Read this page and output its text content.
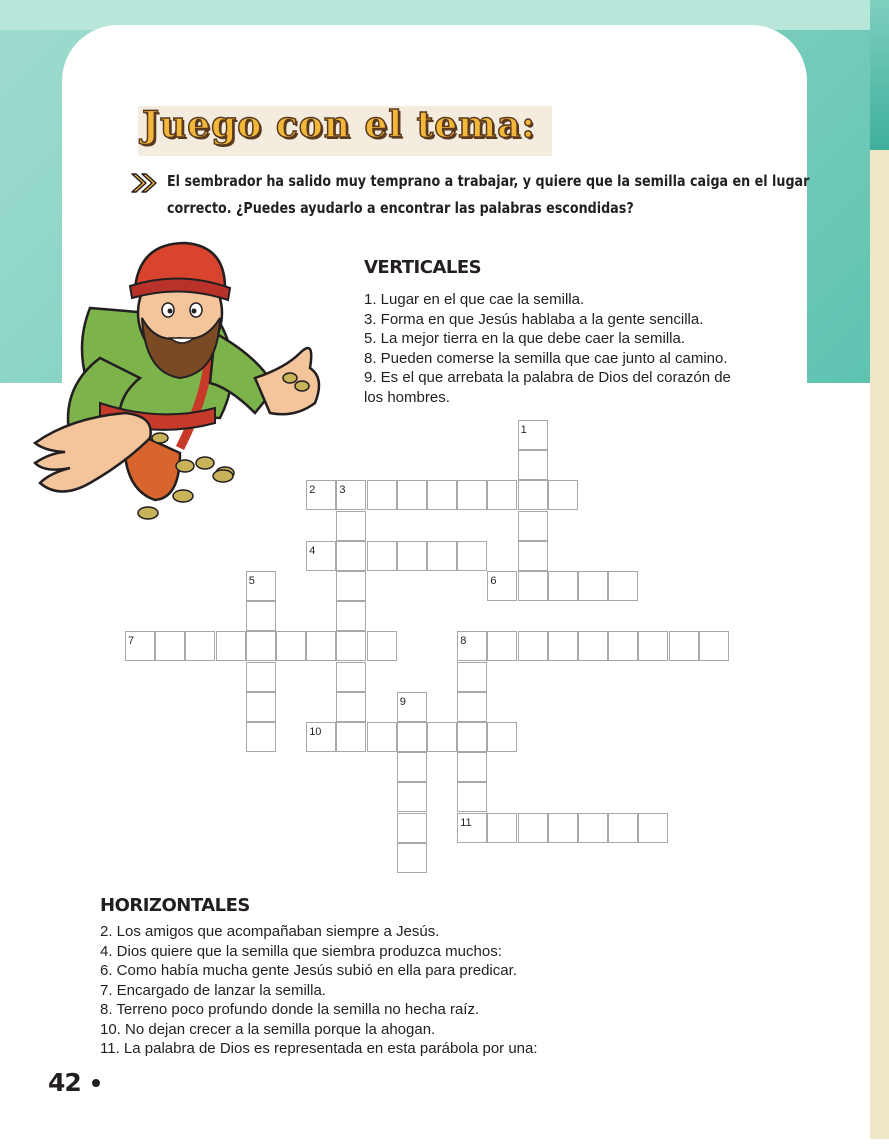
Juego con el tema:
El sembrador ha salido muy temprano a trabajar, y quiere que la semilla caiga en el lugar
correcto. ¿Puedes ayudarlo a encontrar las palabras escondidas?
VERTICALES
1. Lugar en el que cae la semilla.
3. Forma en que Jesús hablaba a la gente sencilla.
5. La mejor tierra en la que debe caer la semilla.
8. Pueden comerse la semilla que cae junto al camino.
9. Es el que arrebata la palabra de Dios del corazón de
los hombres.
1
2 3
4
5	6
7	8
9
10
11
HORIZONTALES
2. Los amigos que acompañaban siempre a Jesús.
4. Dios quiere que la semilla que siembra produzca muchos:
6. Como había mucha gente Jesús subió en ella para predicar.
7. Encargado de lanzar la semilla.
8. Terreno poco profundo donde la semilla no hecha raíz.
10. No dejan crecer a la semilla porque la ahogan.
11. La palabra de Dios es representada en esta parábola por una:
42
